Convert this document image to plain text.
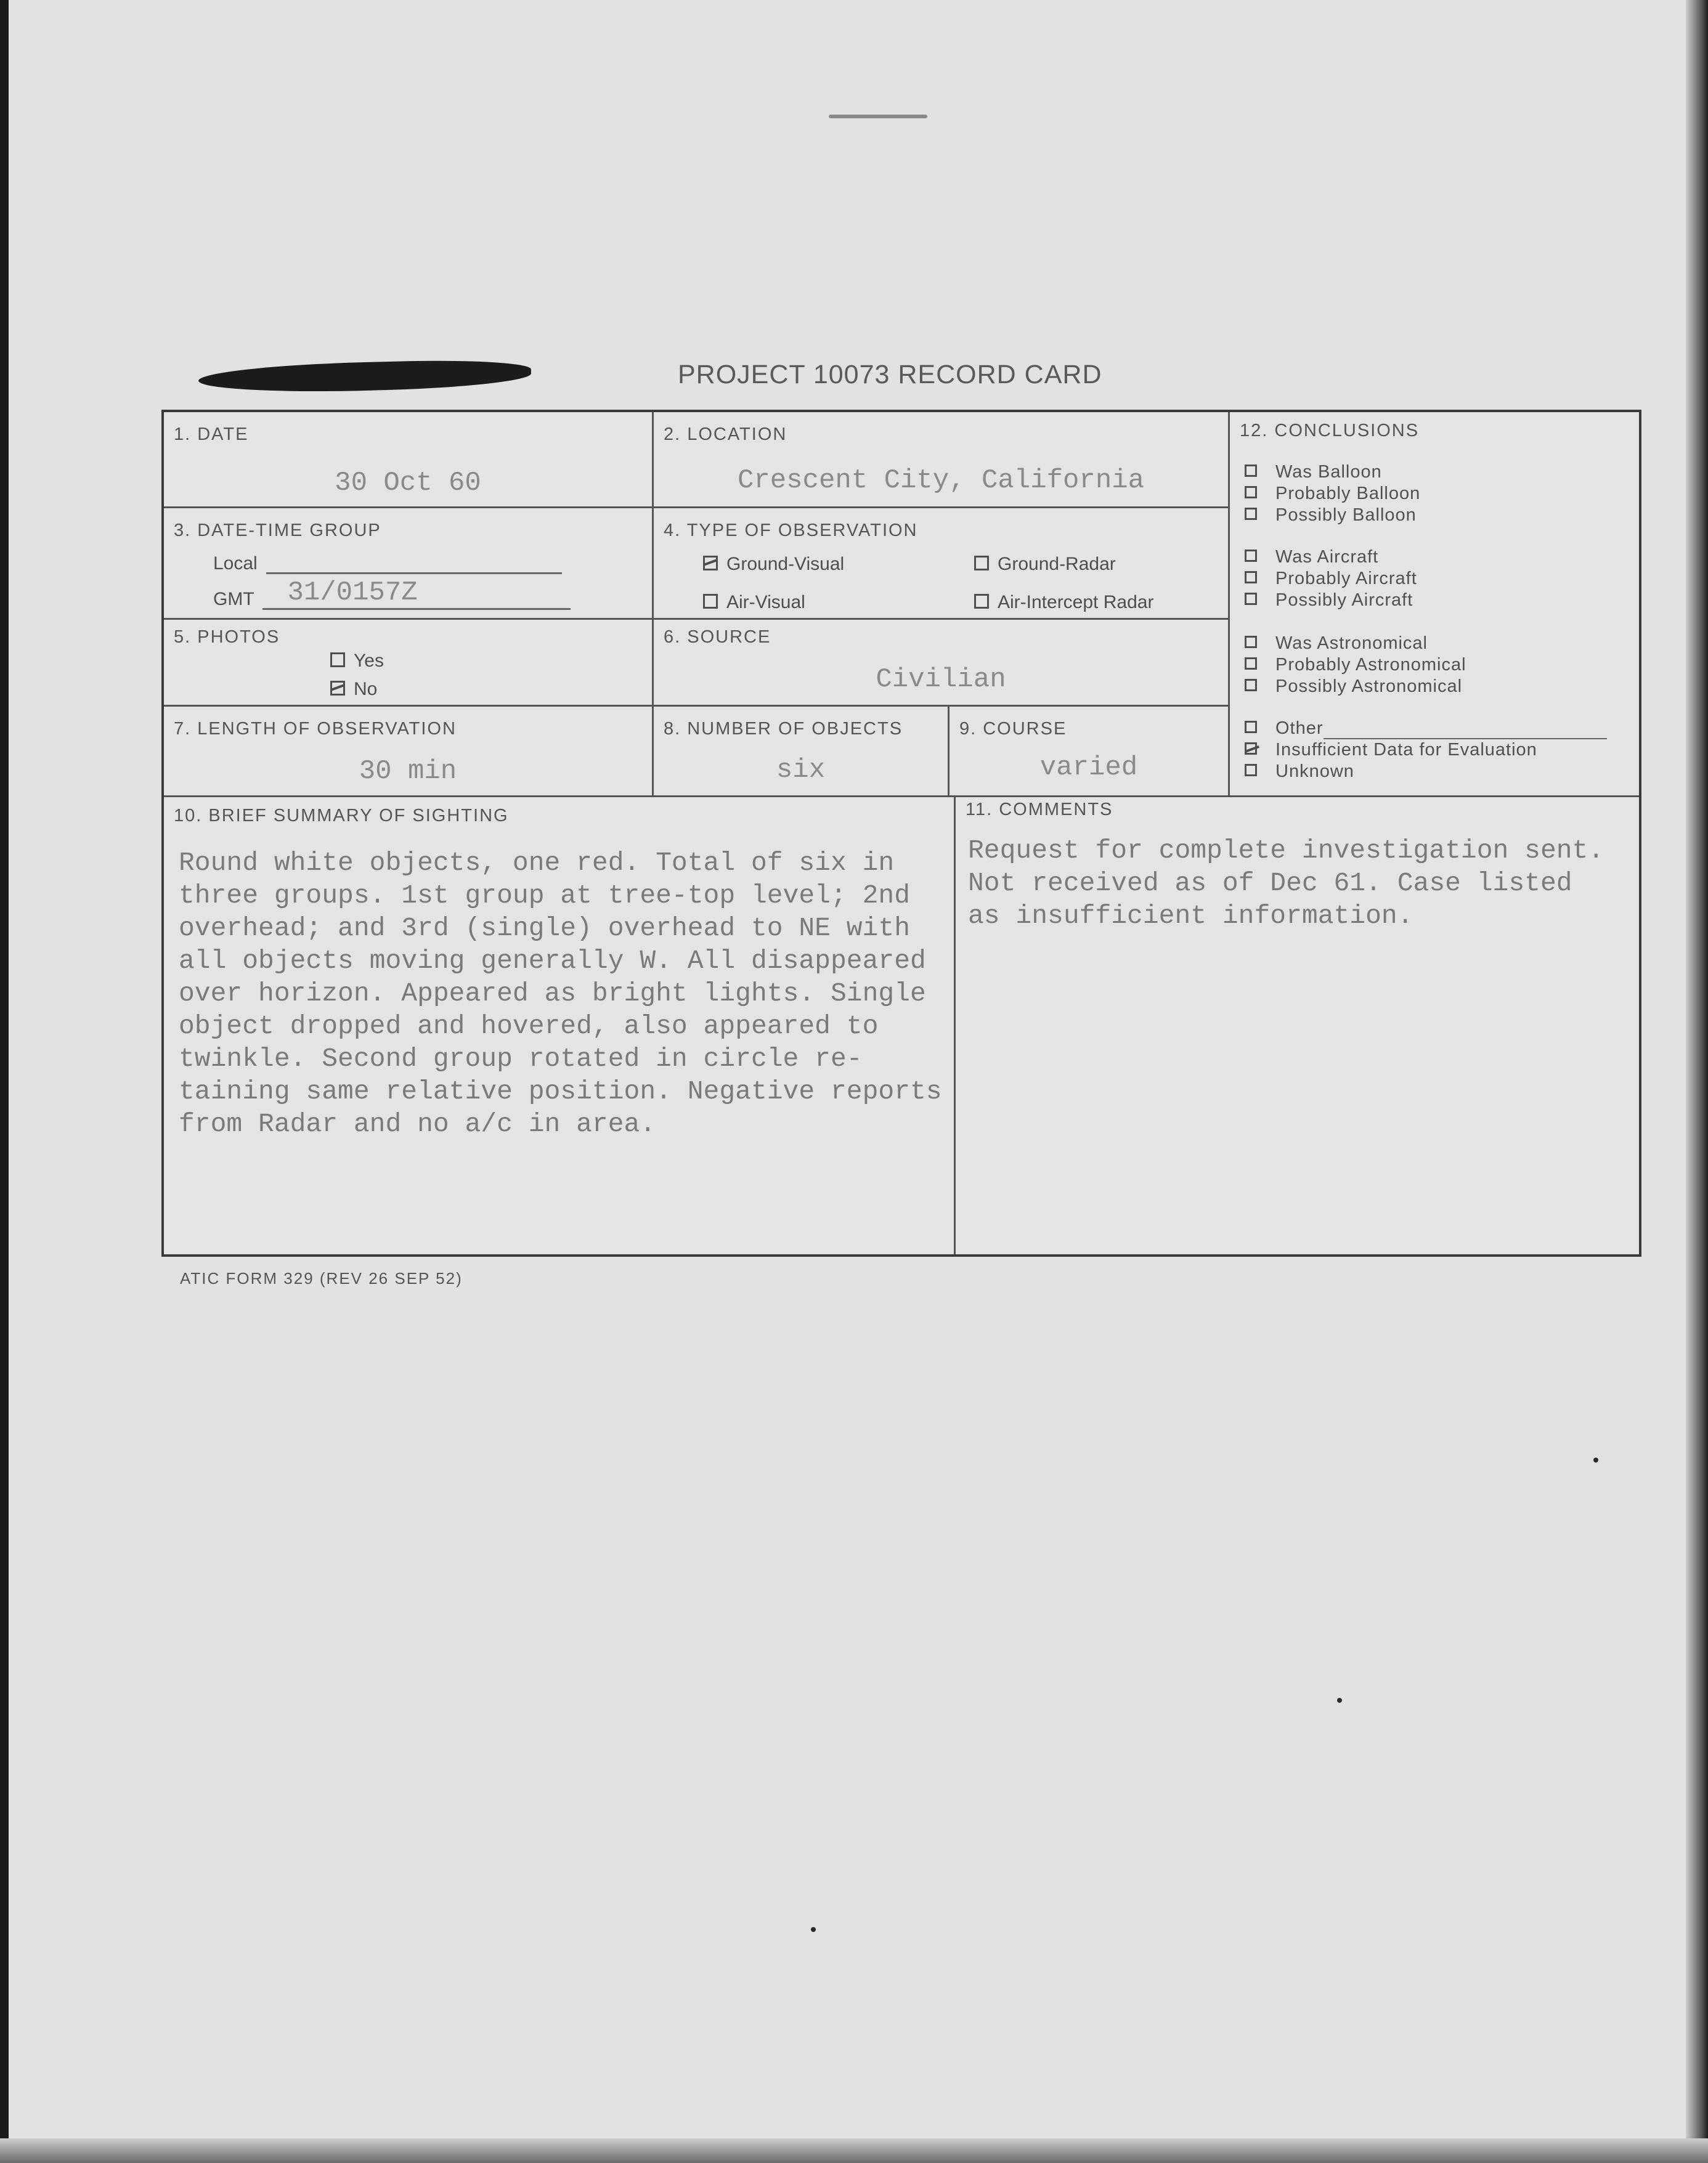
PROJECT 10073 RECORD CARD
1. DATE
30 Oct 60
2. LOCATION
Crescent City, California
3. DATE-TIME GROUP
Local
GMT 31/0157Z
4. TYPE OF OBSERVATION
Ground-Visual	Ground-Radar
Air-Visual	Air-Intercept Radar
5. PHOTOS
Yes
No
6. SOURCE
Civilian
7. LENGTH OF OBSERVATION
30 min
8. NUMBER OF OBJECTS
six
9. COURSE
varied
10. BRIEF SUMMARY OF SIGHTING
Round white objects, one red. Total of six in
three groups. 1st group at tree-top level; 2nd
overhead; and 3rd (single) overhead to NE with
all objects moving generally W. All disappeared
over horizon. Appeared as bright lights. Single
object dropped and hovered, also appeared to
twinkle. Second group rotated in circle re-
taining same relative position. Negative reports
from Radar and no a/c in area.
11. COMMENTS
Request for complete investigation sent.
Not received as of Dec 61. Case listed
as insufficient information.
12. CONCLUSIONS
Was Balloon
Probably Balloon
Possibly Balloon
Was Aircraft
Probably Aircraft
Possibly Aircraft
Was Astronomical
Probably Astronomical
Possibly Astronomical
Other
Insufficient Data for Evaluation
Unknown
ATIC FORM 329 (REV 26 SEP 52)
